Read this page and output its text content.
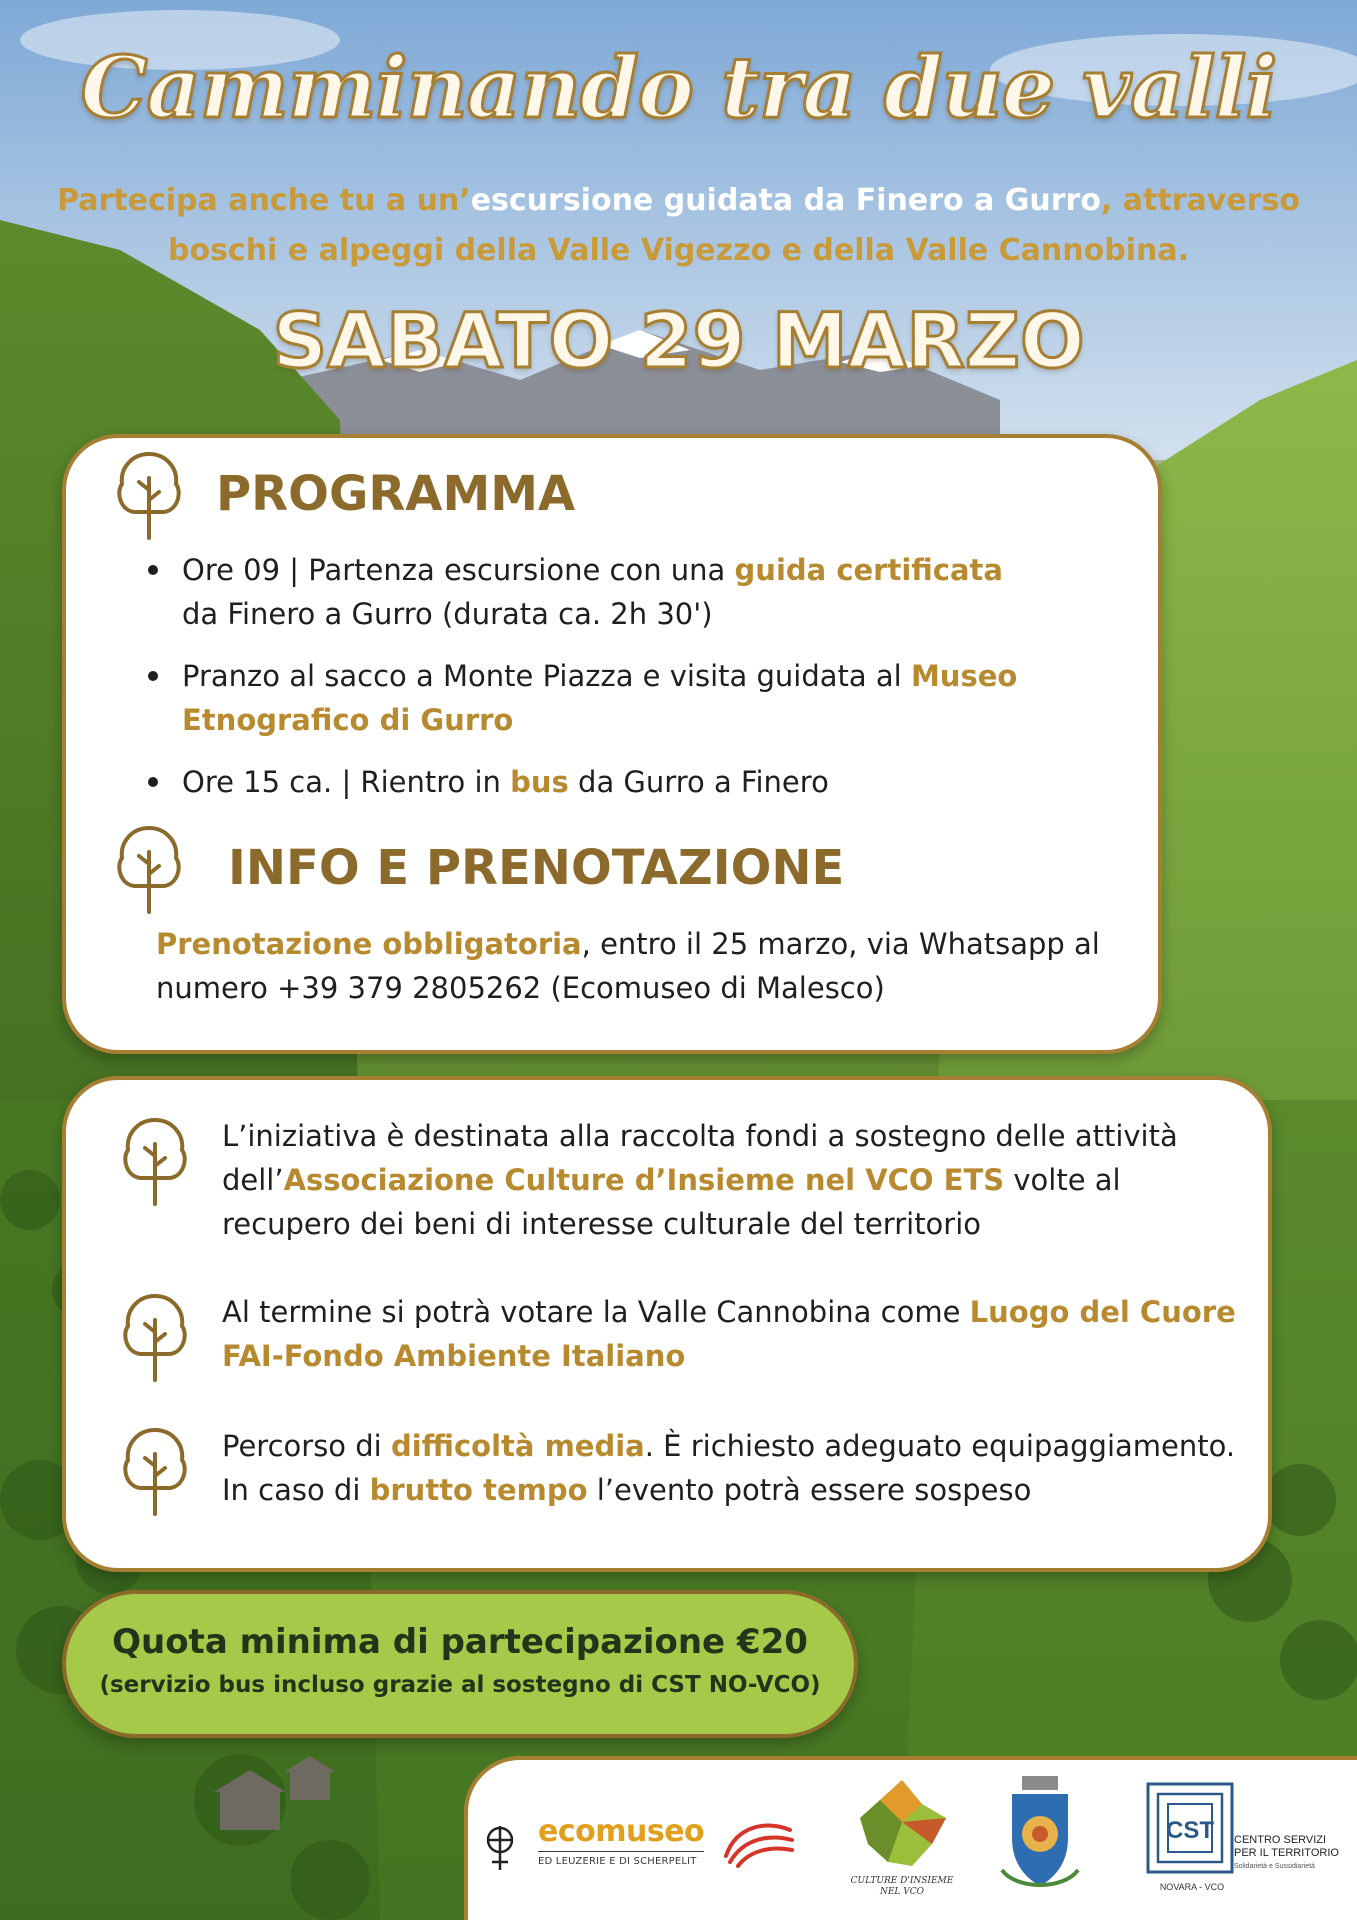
Camminando tra due valli
Partecipa anche tu a un’escursione guidata da Finero a Gurro, attraverso
boschi e alpeggi della Valle Vigezzo e della Valle Cannobina.
SABATO 29 MARZO
PROGRAMMA
Ore 09 | Partenza escursione con una guida certificata da Finero a Gurro (durata ca. 2h 30')
Pranzo al sacco a Monte Piazza e visita guidata al Museo Etnografico di Gurro
Ore 15 ca. | Rientro in bus da Gurro a Finero
INFO E PRENOTAZIONE
Prenotazione obbligatoria, entro il 25 marzo, via Whatsapp al numero +39 379 2805262 (Ecomuseo di Malesco)
L’iniziativa è destinata alla raccolta fondi a sostegno delle attività dell’Associazione Culture d’Insieme nel VCO ETS volte al recupero dei beni di interesse culturale del territorio
Al termine si potrà votare la Valle Cannobina come Luogo del Cuore FAI-Fondo Ambiente Italiano
Percorso di difficoltà media. È richiesto adeguato equipaggiamento. In caso di brutto tempo l’evento potrà essere sospeso
Quota minima di partecipazione €20
(servizio bus incluso grazie al sostegno di CST NO-VCO)
ecomuseo
ED LEUZERIE E DI SCHERPELIT
CULTURE D'INSIEME
NEL VCO
CST
NOVARA - VCO
CENTRO SERVIZI
PER IL TERRITORIO
Solidarietà e Sussidiarietà
